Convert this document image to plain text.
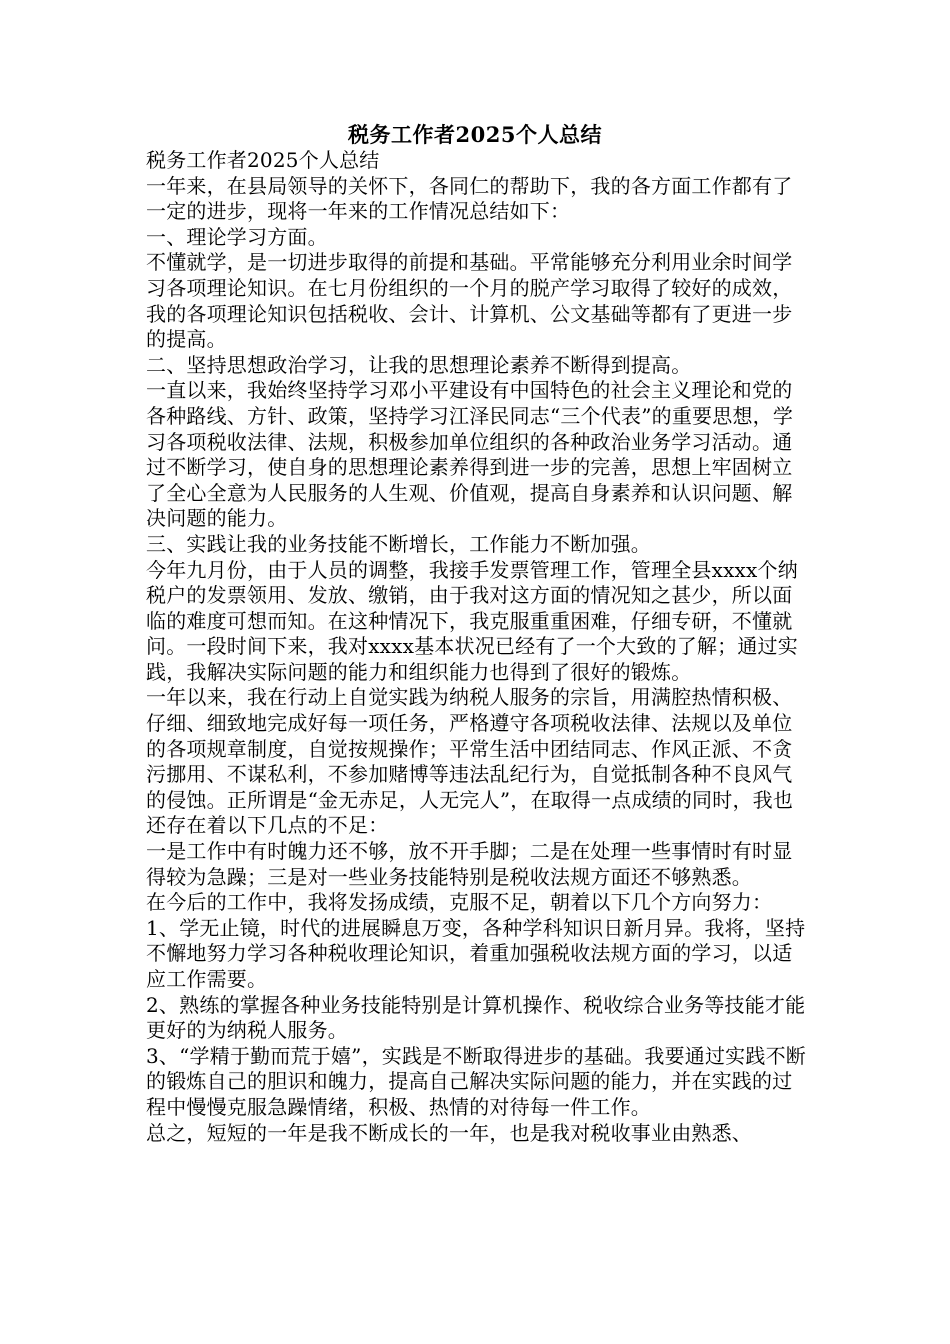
税务工作者2025个人总结

税务工作者2025个人总结

一年来，在县局领导的关怀下，各同仁的帮助下，我的各方面工作都有了一定的进步，现将一年来的工作情况总结如下：

一、理论学习方面。

不懂就学，是一切进步取得的前提和基础。平常能够充分利用业余时间学习各项理论知识。在七月份组织的一个月的脱产学习取得了较好的成效，我的各项理论知识包括税收、会计、计算机、公文基础等都有了更进一步的提高。

二、坚持思想政治学习，让我的思想理论素养不断得到提高。

一直以来，我始终坚持学习邓小平建设有中国特色的社会主义理论和党的各种路线、方针、政策，坚持学习江泽民同志“三个代表”的重要思想，学习各项税收法律、法规，积极参加单位组织的各种政治业务学习活动。通过不断学习，使自身的思想理论素养得到进一步的完善，思想上牢固树立了全心全意为人民服务的人生观、价值观，提高自身素养和认识问题、解决问题的能力。

三、实践让我的业务技能不断增长，工作能力不断加强。

今年九月份，由于人员的调整，我接手发票管理工作，管理全县xxxx个纳税户的发票领用、发放、缴销，由于我对这方面的情况知之甚少，所以面临的难度可想而知。在这种情况下，我克服重重困难，仔细专研，不懂就问。一段时间下来，我对xxxx基本状况已经有了一个大致的了解；通过实践，我解决实际问题的能力和组织能力也得到了很好的锻炼。

一年以来，我在行动上自觉实践为纳税人服务的宗旨，用满腔热情积极、仔细、细致地完成好每一项任务，严格遵守各项税收法律、法规以及单位的各项规章制度，自觉按规操作；平常生活中团结同志、作风正派、不贪污挪用、不谋私利，不参加赌博等违法乱纪行为，自觉抵制各种不良风气的侵蚀。正所谓是“金无赤足，人无完人”，在取得一点成绩的同时，我也还存在着以下几点的不足：

一是工作中有时魄力还不够，放不开手脚；二是在处理一些事情时有时显得较为急躁；三是对一些业务技能特别是税收法规方面还不够熟悉。

在今后的工作中，我将发扬成绩，克服不足，朝着以下几个方向努力：

1、学无止镜，时代的进展瞬息万变，各种学科知识日新月异。我将，坚持不懈地努力学习各种税收理论知识，着重加强税收法规方面的学习，以适应工作需要。

2、熟练的掌握各种业务技能特别是计算机操作、税收综合业务等技能才能更好的为纳税人服务。

3、“学精于勤而荒于嬉”，实践是不断取得进步的基础。我要通过实践不断的锻炼自己的胆识和魄力，提高自己解决实际问题的能力，并在实践的过程中慢慢克服急躁情绪，积极、热情的对待每一件工作。

总之，短短的一年是我不断成长的一年，也是我对税收事业由熟悉、
